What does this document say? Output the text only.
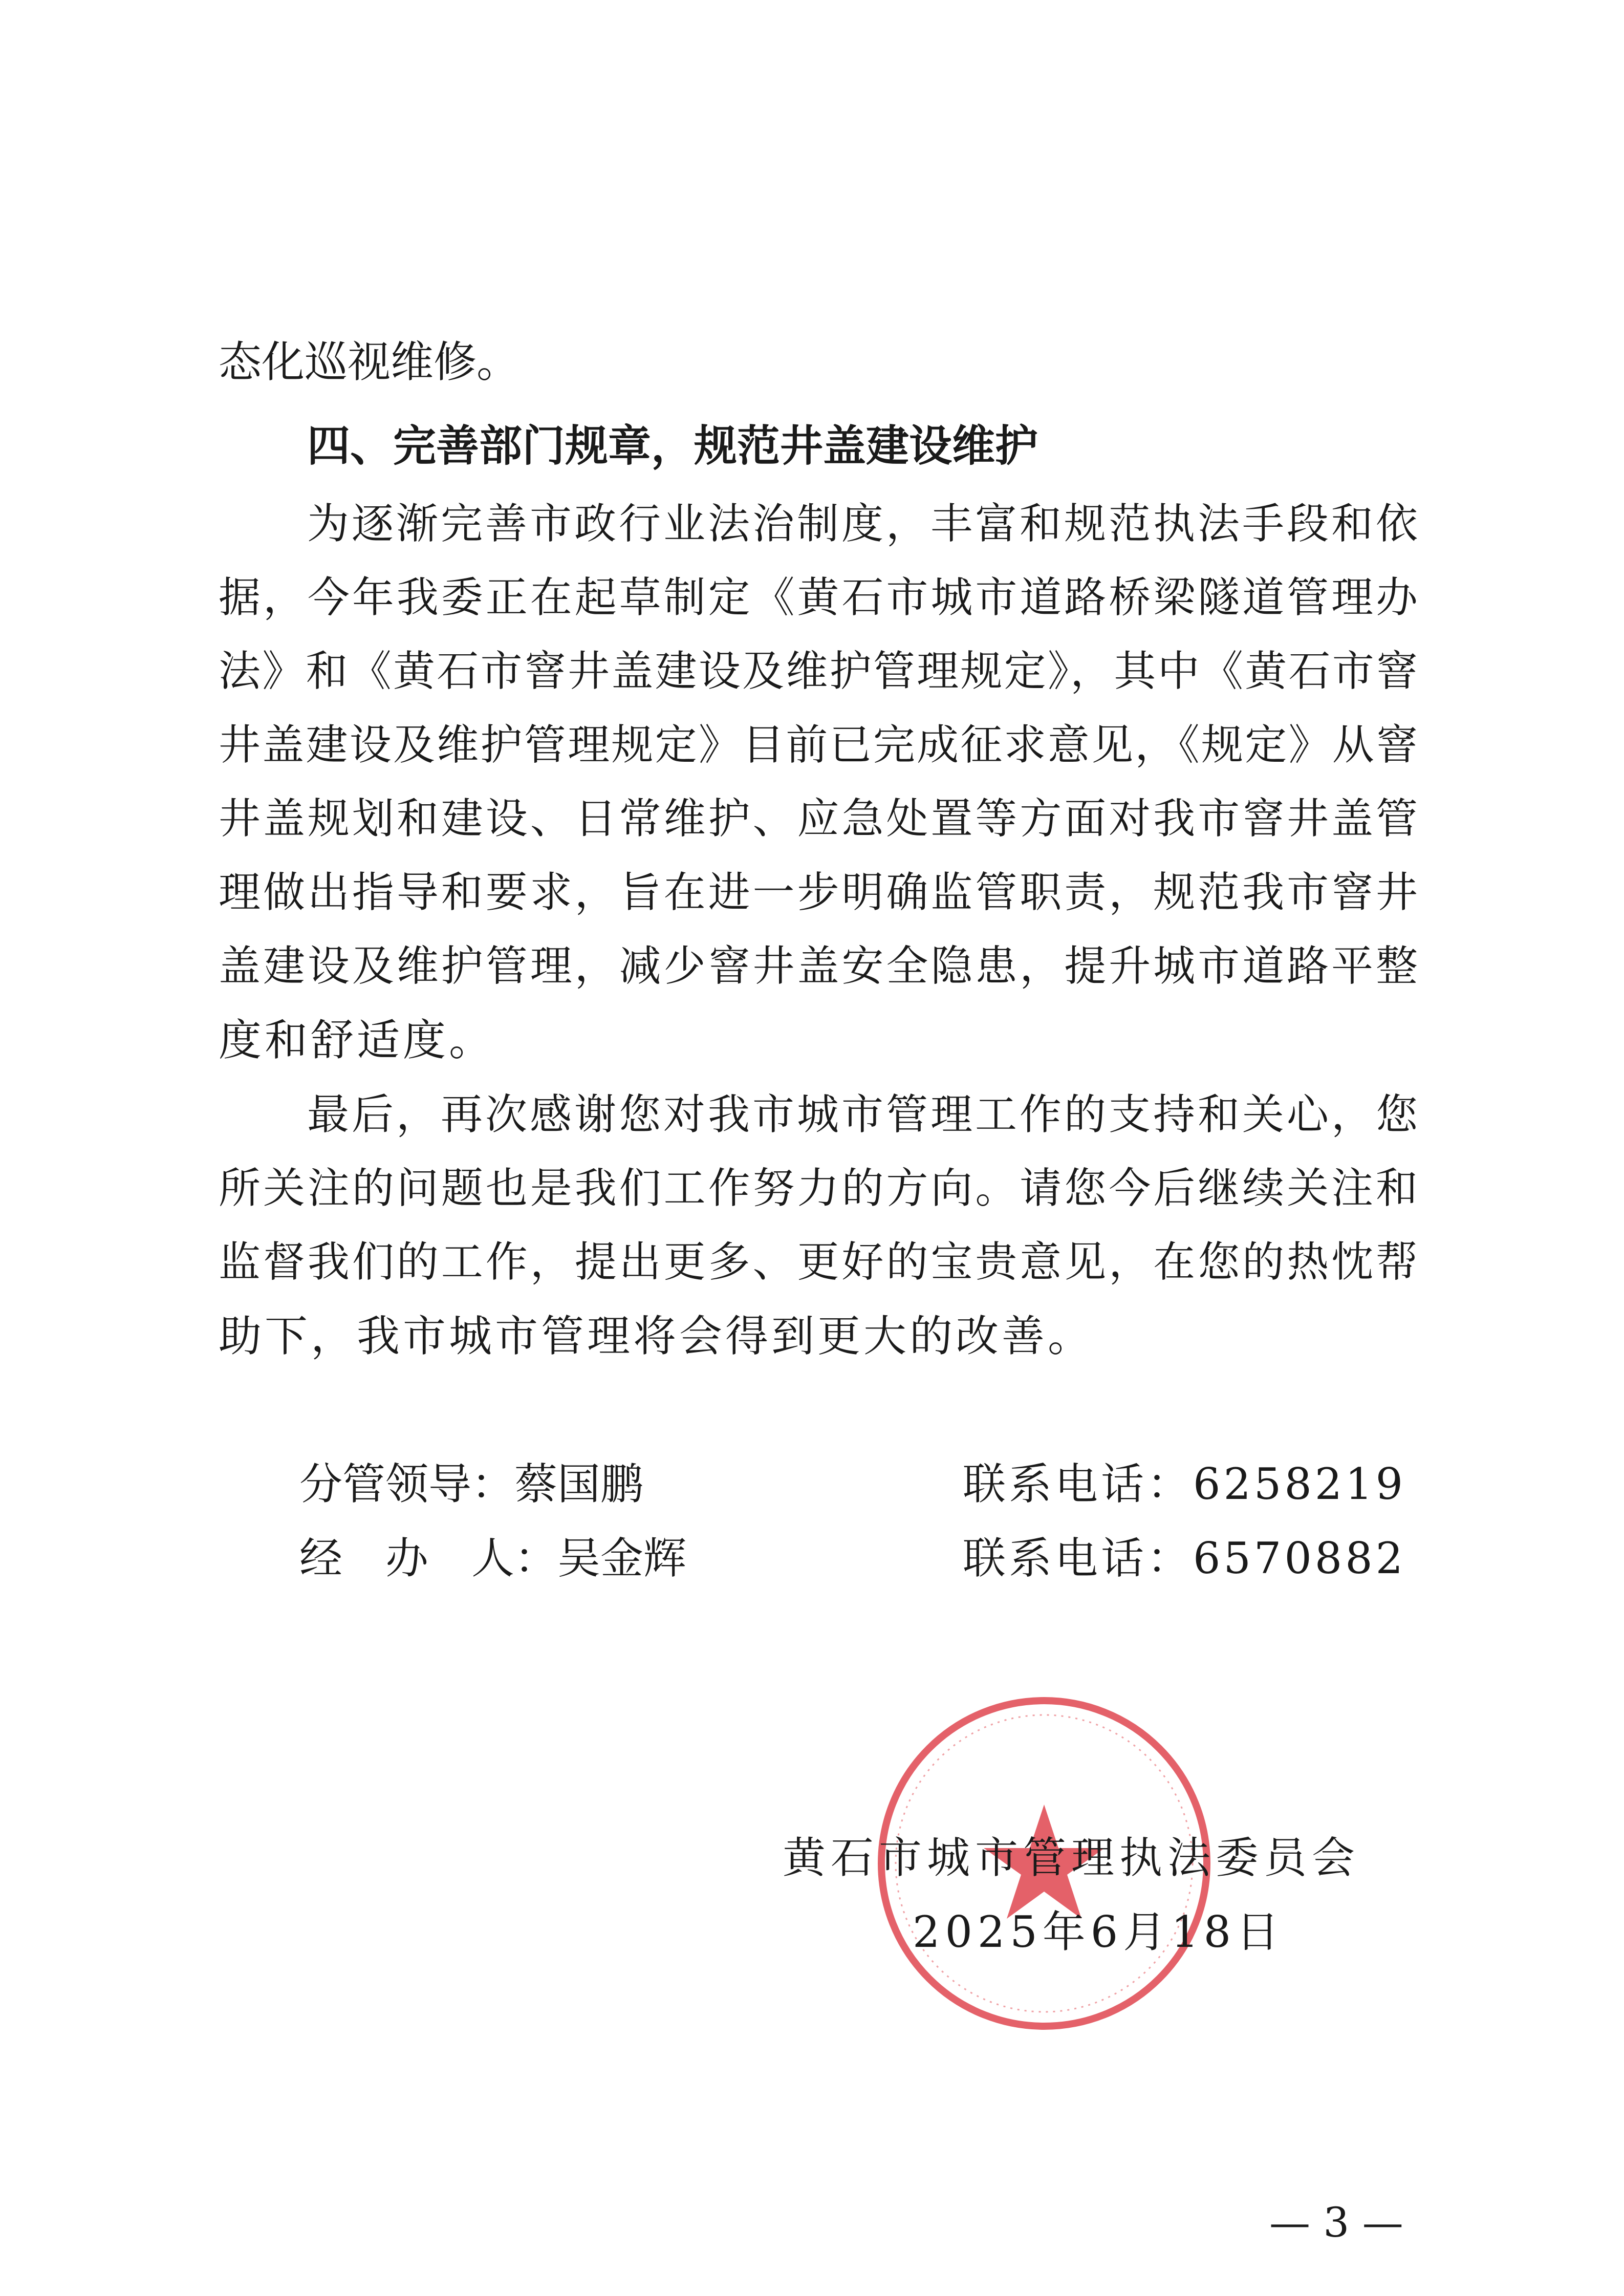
态化巡视维修。
四、完善部门规章，规范井盖建设维护
为逐渐完善市政行业法治制度，丰富和规范执法手段和依
据，今年我委正在起草制定《黄石市城市道路桥梁隧道管理办
法》和《黄石市窨井盖建设及维护管理规定》，其中《黄石市窨
井盖建设及维护管理规定》目前已完成征求意见，《规定》从窨
井盖规划和建设、日常维护、应急处置等方面对我市窨井盖管
理做出指导和要求，旨在进一步明确监管职责，规范我市窨井
盖建设及维护管理，减少窨井盖安全隐患，提升城市道路平整
度和舒适度。
最后，再次感谢您对我市城市管理工作的支持和关心，您
所关注的问题也是我们工作努力的方向。请您今后继续关注和
监督我们的工作，提出更多、更好的宝贵意见，在您的热忱帮
助下，我市城市管理将会得到更大的改善。
分管领导：蔡国鹏	联系电话：6258219
经　办　人：吴金辉	联系电话：6570882
黄石市城市管理执法委员会
2025年6月18日
— 3 —
